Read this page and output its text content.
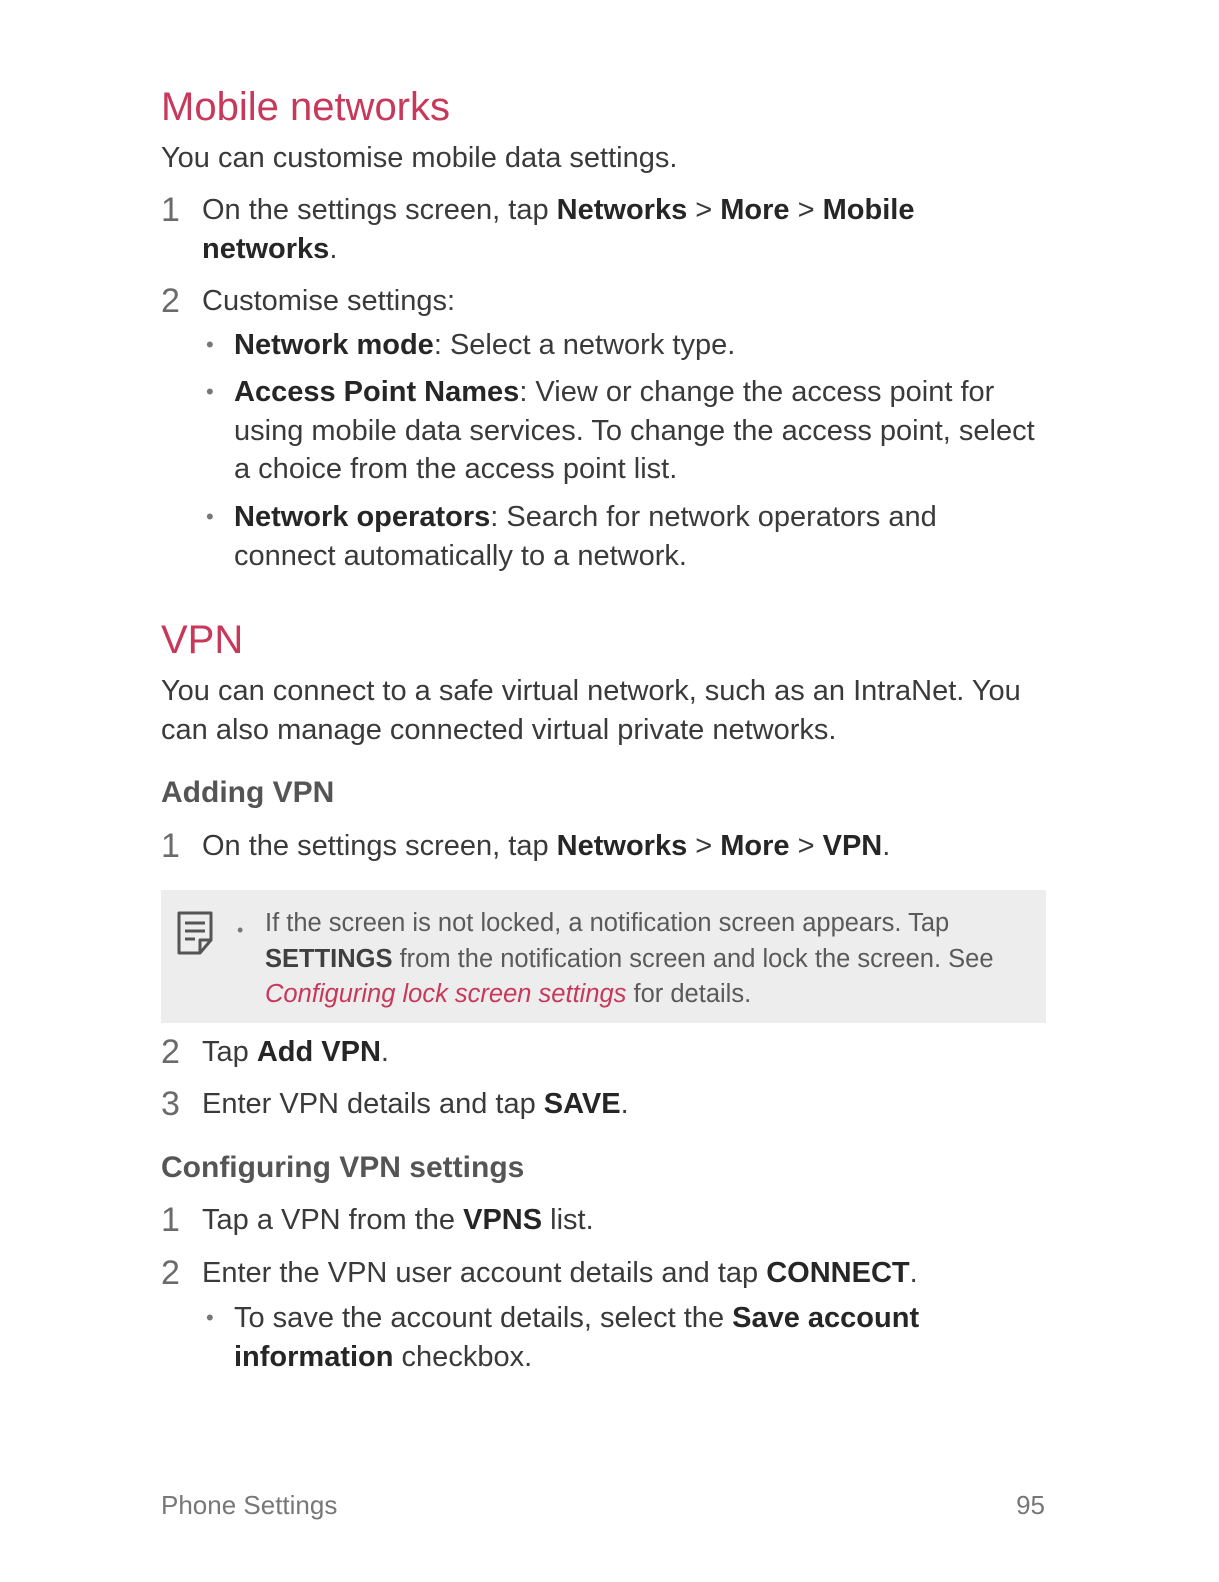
Mobile networks

You can customise mobile data settings.

1 On the settings screen, tap Networks > More > Mobile networks.
2 Customise settings:
• Network mode: Select a network type.
• Access Point Names: View or change the access point for using mobile data services. To change the access point, select a choice from the access point list.
• Network operators: Search for network operators and connect automatically to a network.
VPN

You can connect to a safe virtual network, such as an IntraNet. You can also manage connected virtual private networks.

Adding VPN
1 On the settings screen, tap Networks > More > VPN.
• If the screen is not locked, a notification screen appears. Tap SETTINGS from the notification screen and lock the screen. See Configuring lock screen settings for details.
2 Tap Add VPN.
3 Enter VPN details and tap SAVE.
Configuring VPN settings
1 Tap a VPN from the VPNS list.
2 Enter the VPN user account details and tap CONNECT.
• To save the account details, select the Save account information checkbox.
Phone Settings	95
